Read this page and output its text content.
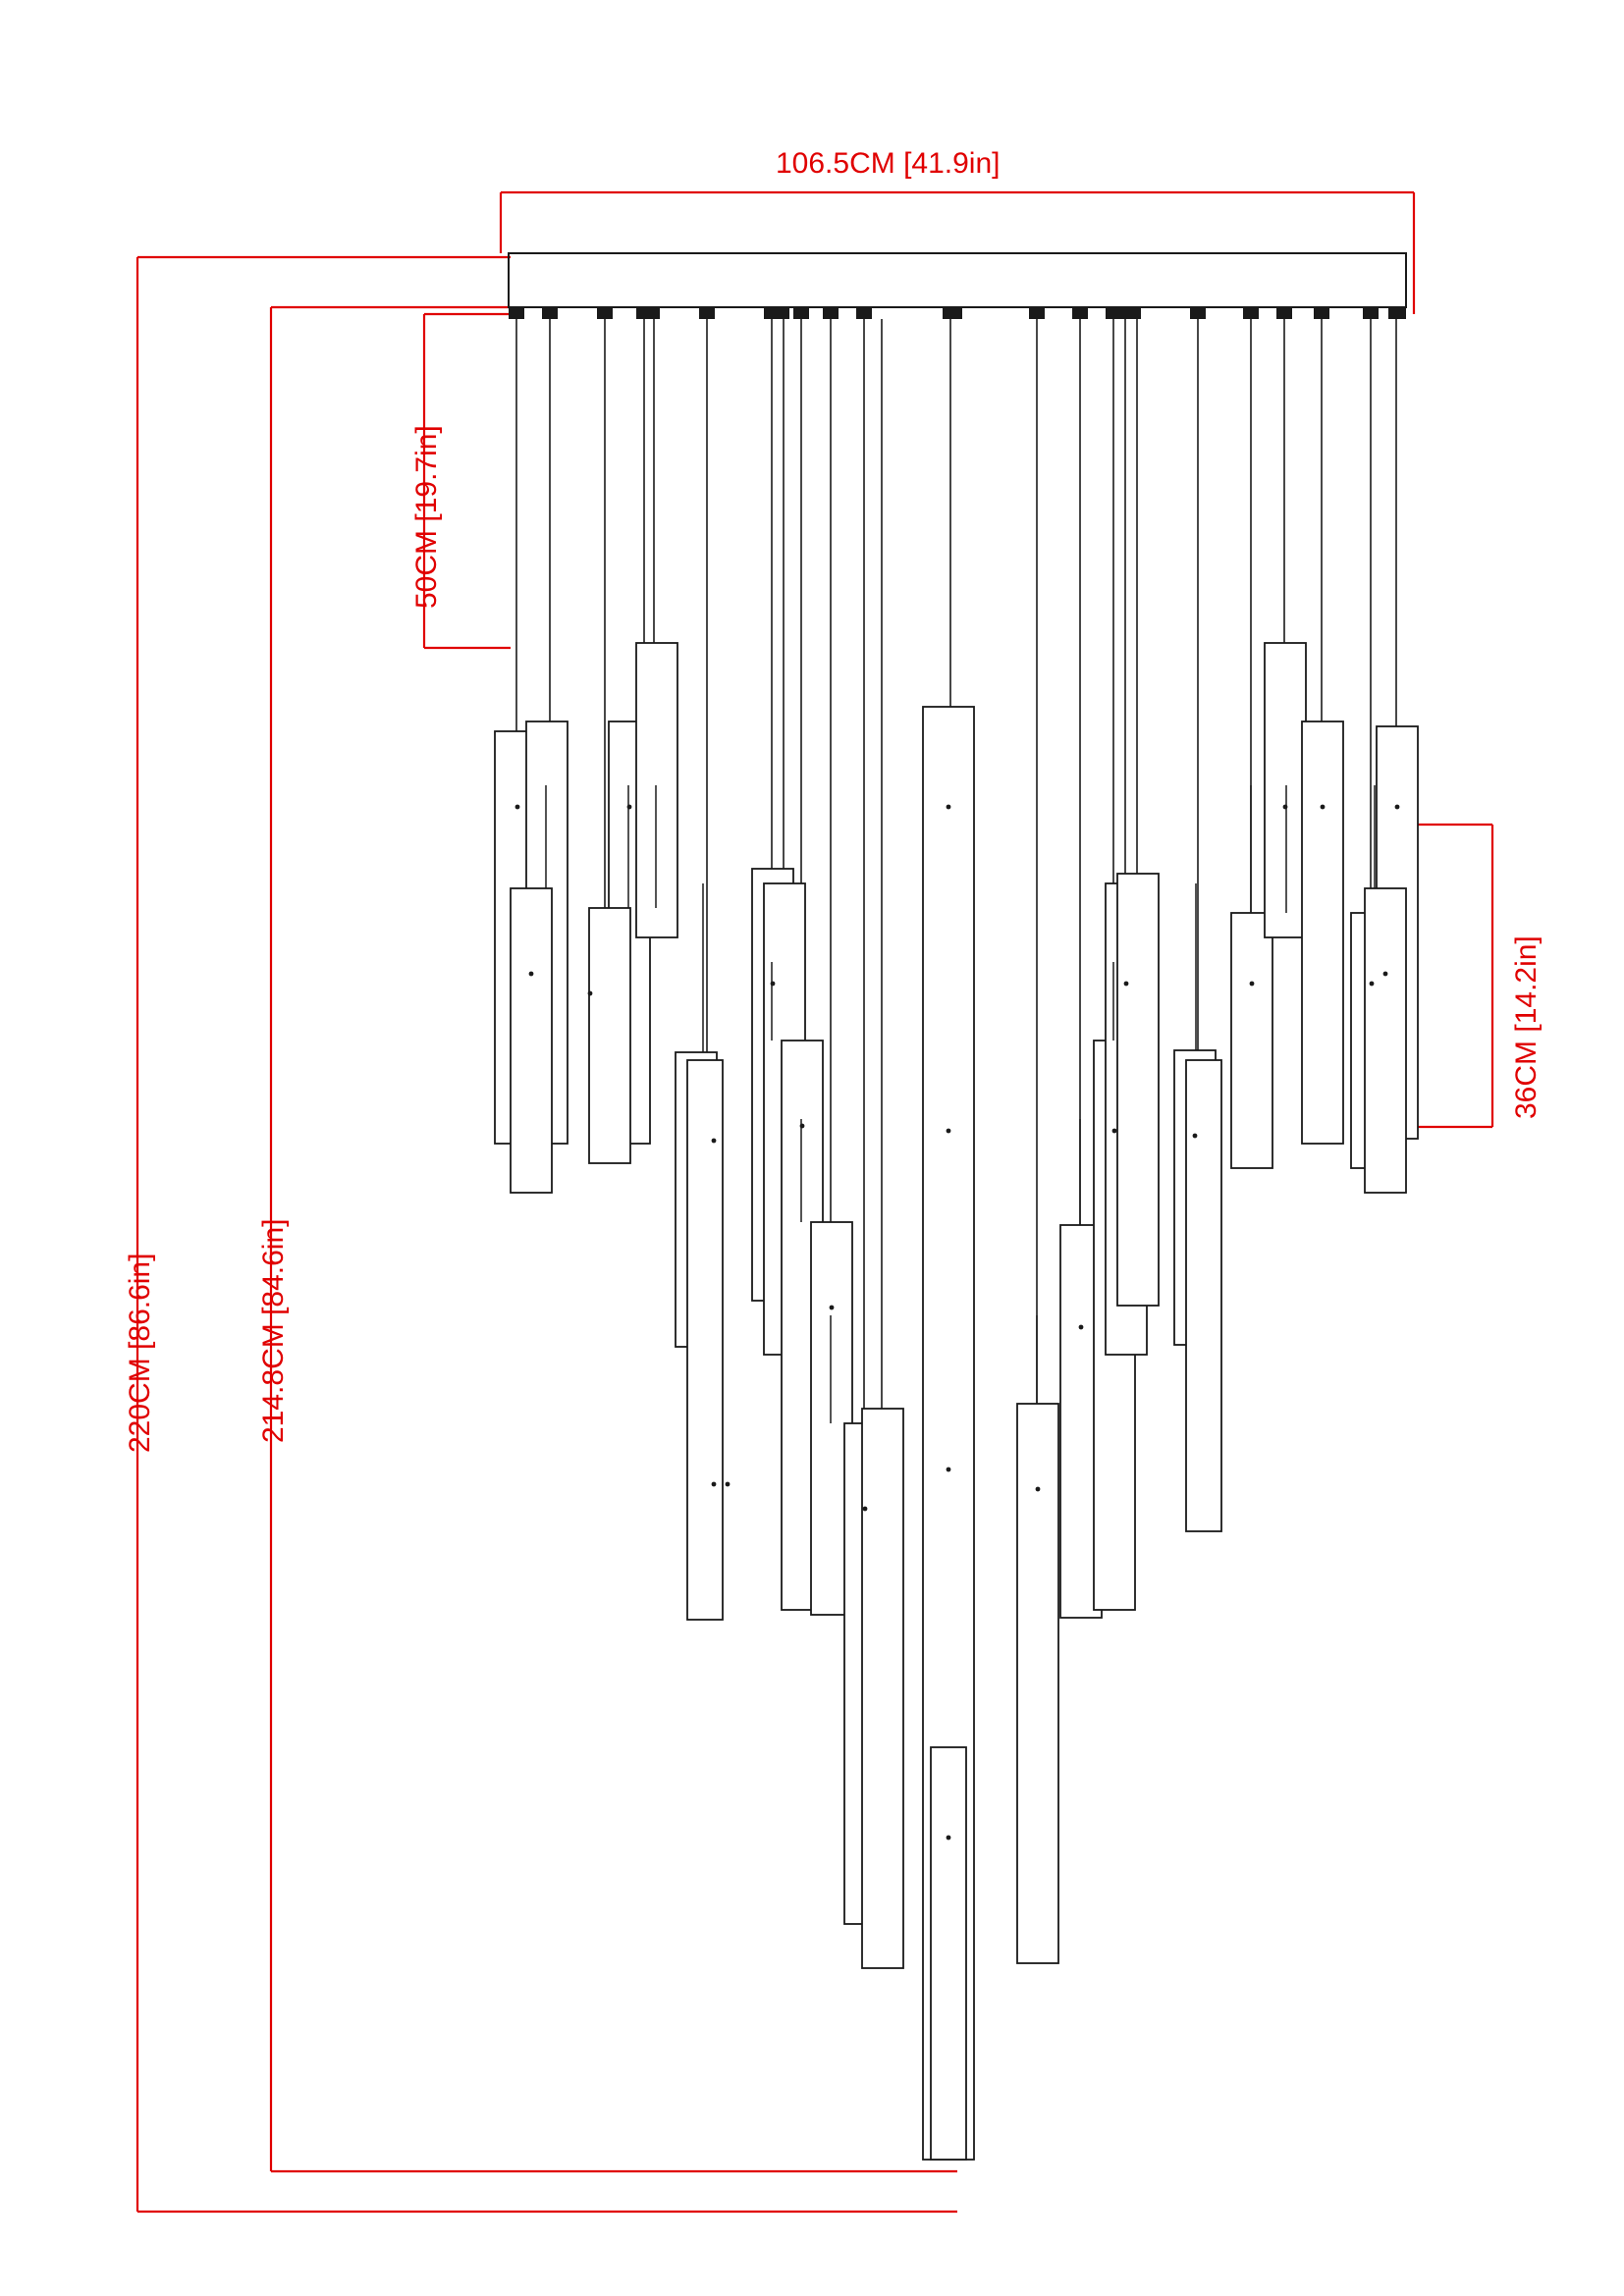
106.5CM [41.9in]
50CM [19.7in]
36CM [14.2in]
220CM [86.6in]	214.8CM [84.6in]
